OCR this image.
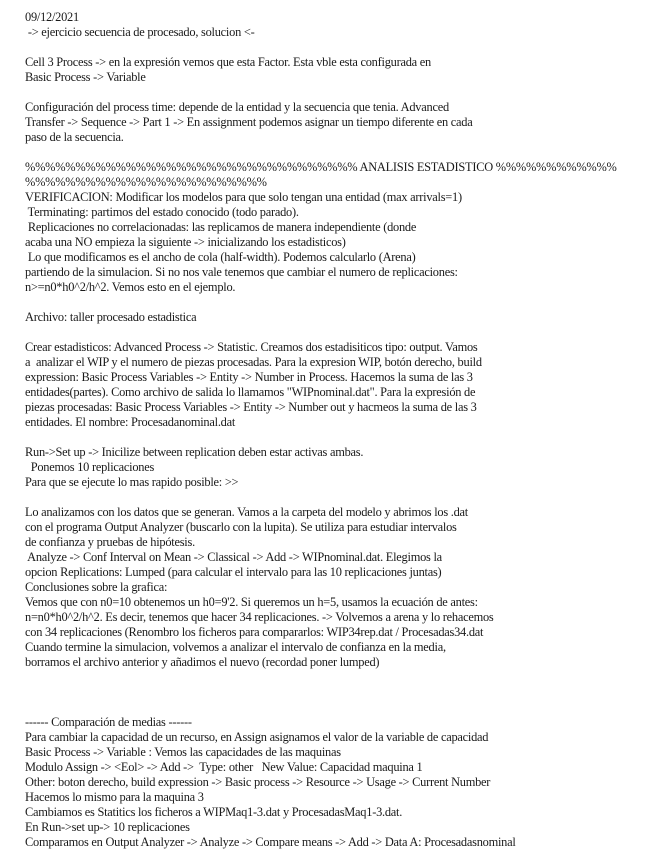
09/12/2021
-> ejercicio secuencia de procesado, solucion <-
Cell 3 Process -> en la expresión vemos que esta Factor. Esta vble esta configurada en
Basic Process -> Variable
Configuración del process time: depende de la entidad y la secuencia que tenia. Advanced
Transfer -> Sequence -> Part 1 -> En assignment podemos asignar un tiempo diferente en cada
paso de la secuencia.
%%%%%%%%%%%%%%%%%%%%%%%%%%%%%%%%% ANALISIS ESTADISTICO %%%%%%%%%%%%
%%%%%%%%%%%%%%%%%%%%%%%%
VERIFICACION: Modificar los modelos para que solo tengan una entidad (max arrivals=1)
Terminating: partimos del estado conocido (todo parado).
Replicaciones no correlacionadas: las replicamos de manera independiente (donde
acaba una NO empieza la siguiente -> inicializando los estadisticos)
Lo que modificamos es el ancho de cola (half-width). Podemos calcularlo (Arena)
partiendo de la simulacion. Si no nos vale tenemos que cambiar el numero de replicaciones:
n>=n0*h0^2/h^2. Vemos esto en el ejemplo.
Archivo: taller procesado estadistica
Crear estadisticos: Advanced Process -> Statistic. Creamos dos estadisiticos tipo: output. Vamos
a  analizar el WIP y el numero de piezas procesadas. Para la expresion WIP, botón derecho, build
expression: Basic Process Variables -> Entity -> Number in Process. Hacemos la suma de las 3
entidades(partes). Como archivo de salida lo llamamos "WIPnominal.dat". Para la expresión de
piezas procesadas: Basic Process Variables -> Entity -> Number out y hacmeos la suma de las 3
entidades. El nombre: Procesadanominal.dat
Run->Set up -> Inicilize between replication deben estar activas ambas.
Ponemos 10 replicaciones
Para que se ejecute lo mas rapido posible: >>
Lo analizamos con los datos que se generan. Vamos a la carpeta del modelo y abrimos los .dat
con el programa Output Analyzer (buscarlo con la lupita). Se utiliza para estudiar intervalos
de confianza y pruebas de hipótesis.
Analyze -> Conf Interval on Mean -> Classical -> Add -> WIPnominal.dat. Elegimos la
opcion Replications: Lumped (para calcular el intervalo para las 10 replicaciones juntas)
Conclusiones sobre la grafica:
Vemos que con n0=10 obtenemos un h0=9'2. Si queremos un h=5, usamos la ecuación de antes:
n=n0*h0^2/h^2. Es decir, tenemos que hacer 34 replicaciones. -> Volvemos a arena y lo rehacemos
con 34 replicaciones (Renombro los ficheros para compararlos: WIP34rep.dat / Procesadas34.dat
Cuando termine la simulacion, volvemos a analizar el intervalo de confianza en la media,
borramos el archivo anterior y añadimos el nuevo (recordad poner lumped)
------ Comparación de medias ------
Para cambiar la capacidad de un recurso, en Assign asignamos el valor de la variable de capacidad
Basic Process -> Variable : Vemos las capacidades de las maquinas
Modulo Assign -> <Eol> -> Add ->  Type: other   New Value: Capacidad maquina 1
Other: boton derecho, build expression -> Basic process -> Resource -> Usage -> Current Number
Hacemos lo mismo para la maquina 3
Cambiamos es Statitics los ficheros a WIPMaq1-3.dat y ProcesadasMaq1-3.dat.
En Run->set up-> 10 replicaciones
Comparamos en Output Analyzer -> Analyze -> Compare means -> Add -> Data A: Procesadasnominal
